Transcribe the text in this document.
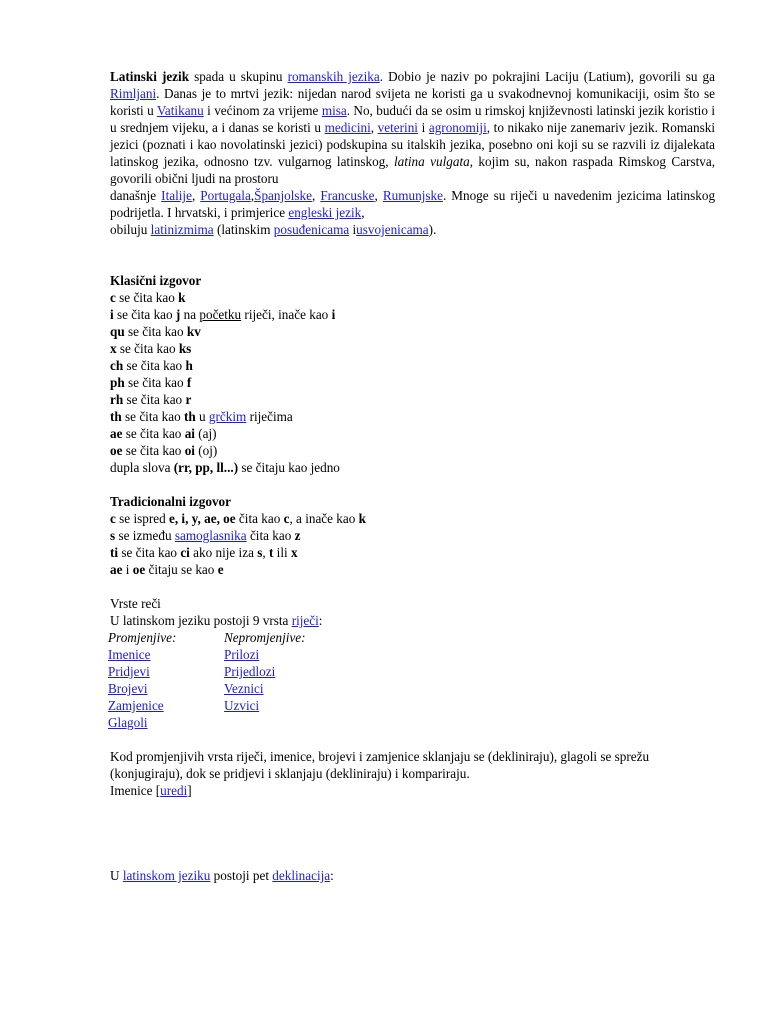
Latinski jezik spada u skupinu romanskih jezika. Dobio je naziv po pokrajini Laciju (Latium), govorili su ga Rimljani. Danas je to mrtvi jezik: nijedan narod svijeta ne koristi ga u svakodnevnoj komunikaciji, osim što se koristi u Vatikanu i većinom za vrijeme misa. No, budući da se osim u rimskoj književnosti latinski jezik koristio i u srednjem vijeku, a i danas se koristi u medicini, veterini i agronomiji, to nikako nije zanemariv jezik. Romanski jezici (poznati i kao novolatinski jezici) podskupina su italskih jezika, posebno oni koji su se razvili iz dijalekata latinskog jezika, odnosno tzv. vulgarnog latinskog, latina vulgata, kojim su, nakon raspada Rimskog Carstva, govorili obični ljudi na prostoru
današnje Italije, Portugala,Španjolske, Francuske, Rumunjske. Mnoge su riječi u navedenim jezicima latinskog podrijetla. I hrvatski, i primjerice engleski jezik,
obiluju latinizmima (latinskim posuđenicama iusvojenicama).

Klasični izgovor
c se čita kao k
i se čita kao j na početku riječi, inače kao i
qu se čita kao kv
x se čita kao ks
ch se čita kao h
ph se čita kao f
rh se čita kao r
th se čita kao th u grčkim riječima
ae se čita kao ai (aj)
oe se čita kao oi (oj)
dupla slova (rr, pp, ll...) se čitaju kao jedno
Tradicionalni izgovor
c se ispred e, i, y, ae, oe čita kao c, a inače kao k
s se između samoglasnika čita kao z
ti se čita kao ci ako nije iza s, t ili x
ae i oe čitaju se kao e
Vrste reči
U latinskom jeziku postoji 9 vrsta riječi:
Promjenjive:	Nepromjenjive:
Imenice	Prilozi
Pridjevi	Prijedlozi
Brojevi	Veznici
Zamjenice	Uzvici
Glagoli

Kod promjenjivih vrsta riječi, imenice, brojevi i zamjenice sklanjaju se (dekliniraju), glagoli se sprežu (konjugiraju), dok se pridjevi i sklanjaju (dekliniraju) i kompariraju.

Imenice [uredi]
U latinskom jeziku postoji pet deklinacija:
